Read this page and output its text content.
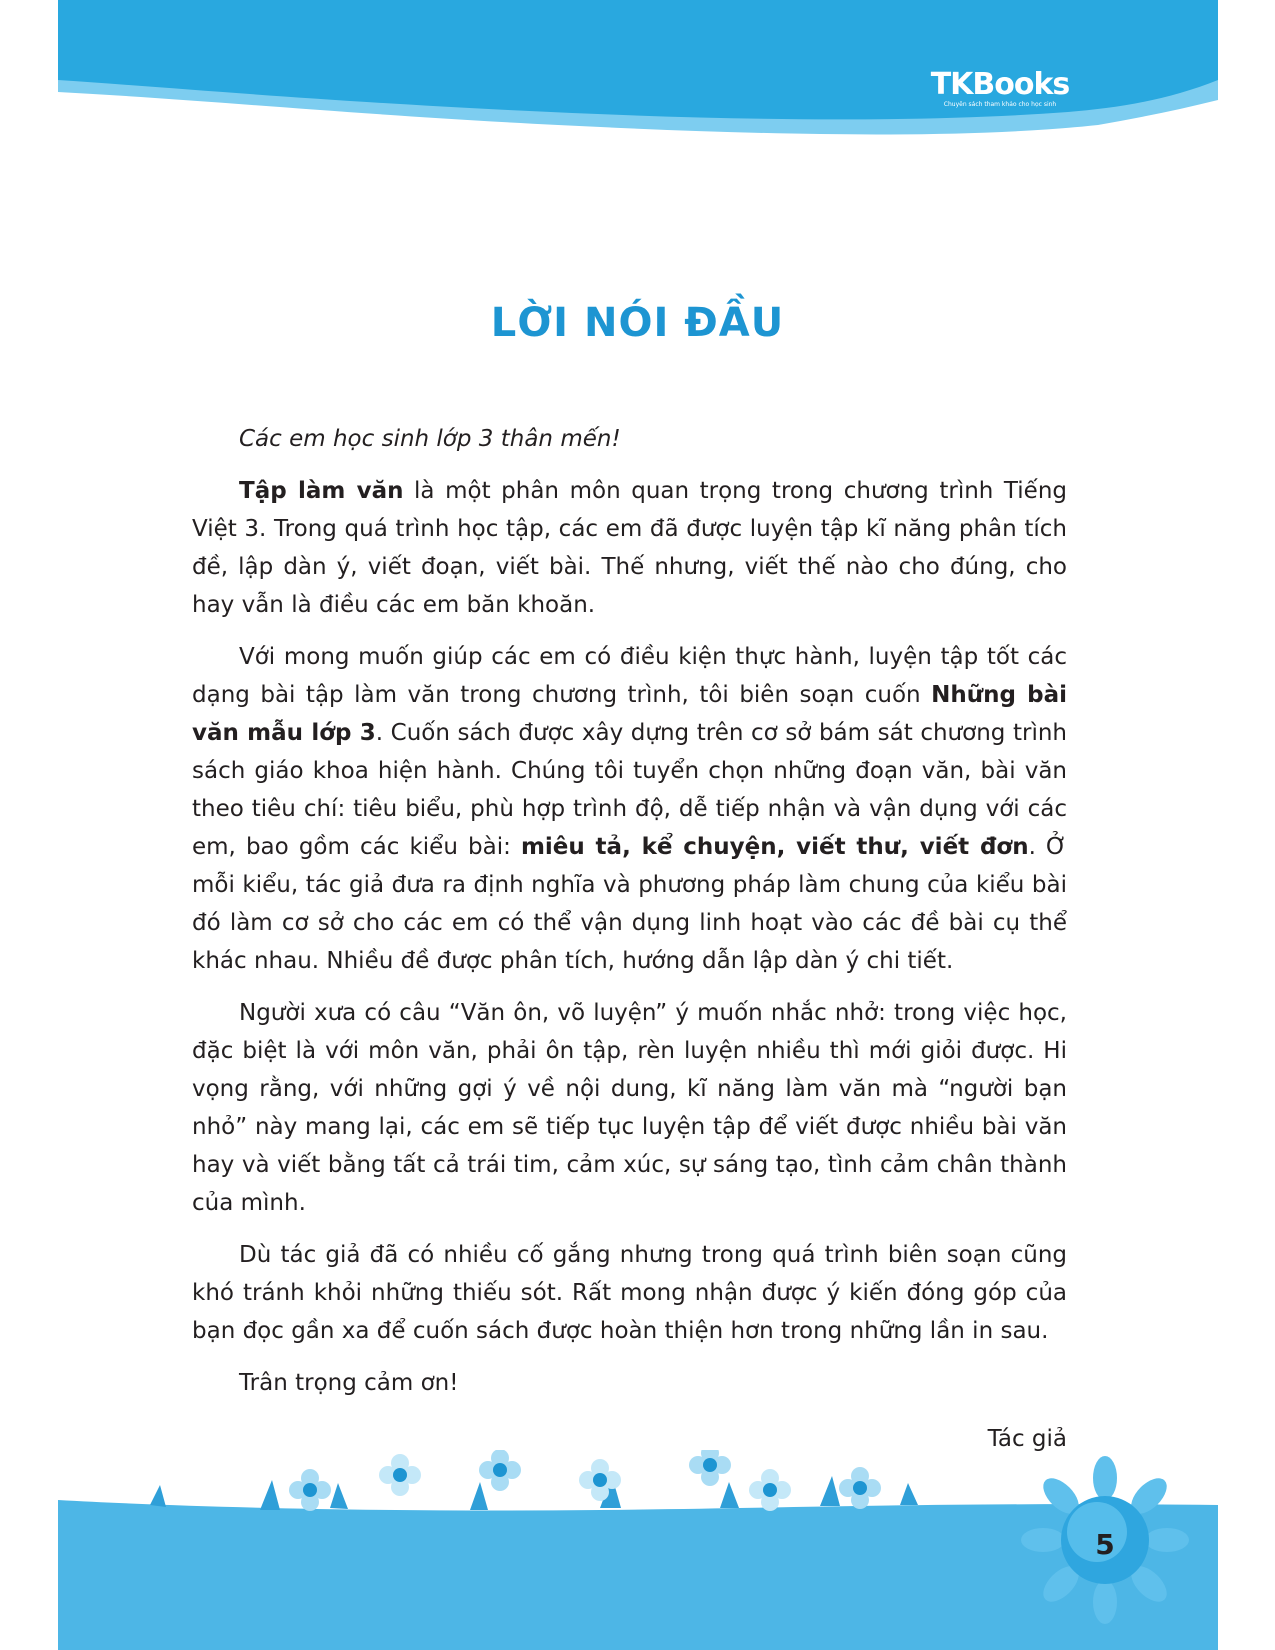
TKBooks
Chuyên sách tham khảo cho học sinh
LỜI NÓI ĐẦU

Các em học sinh lớp 3 thân mến!

Tập làm văn là một phân môn quan trọng trong chương trình Tiếng Việt 3. Trong quá trình học tập, các em đã được luyện tập kĩ năng phân tích đề, lập dàn ý, viết đoạn, viết bài. Thế nhưng, viết thế nào cho đúng, cho hay vẫn là điều các em băn khoăn.

Với mong muốn giúp các em có điều kiện thực hành, luyện tập tốt các dạng bài tập làm văn trong chương trình, tôi biên soạn cuốn Những bài văn mẫu lớp 3. Cuốn sách được xây dựng trên cơ sở bám sát chương trình sách giáo khoa hiện hành. Chúng tôi tuyển chọn những đoạn văn, bài văn theo tiêu chí: tiêu biểu, phù hợp trình độ, dễ tiếp nhận và vận dụng với các em, bao gồm các kiểu bài: miêu tả, kể chuyện, viết thư, viết đơn. Ở mỗi kiểu, tác giả đưa ra định nghĩa và phương pháp làm chung của kiểu bài đó làm cơ sở cho các em có thể vận dụng linh hoạt vào các đề bài cụ thể khác nhau. Nhiều đề được phân tích, hướng dẫn lập dàn ý chi tiết.

Người xưa có câu “Văn ôn, võ luyện” ý muốn nhắc nhở: trong việc học, đặc biệt là với môn văn, phải ôn tập, rèn luyện nhiều thì mới giỏi được. Hi vọng rằng, với những gợi ý về nội dung, kĩ năng làm văn mà “người bạn nhỏ” này mang lại, các em sẽ tiếp tục luyện tập để viết được nhiều bài văn hay và viết bằng tất cả trái tim, cảm xúc, sự sáng tạo, tình cảm chân thành của mình.

Dù tác giả đã có nhiều cố gắng nhưng trong quá trình biên soạn cũng khó tránh khỏi những thiếu sót. Rất mong nhận được ý kiến đóng góp của bạn đọc gần xa để cuốn sách được hoàn thiện hơn trong những lần in sau.

Trân trọng cảm ơn!

Tác giả

5
